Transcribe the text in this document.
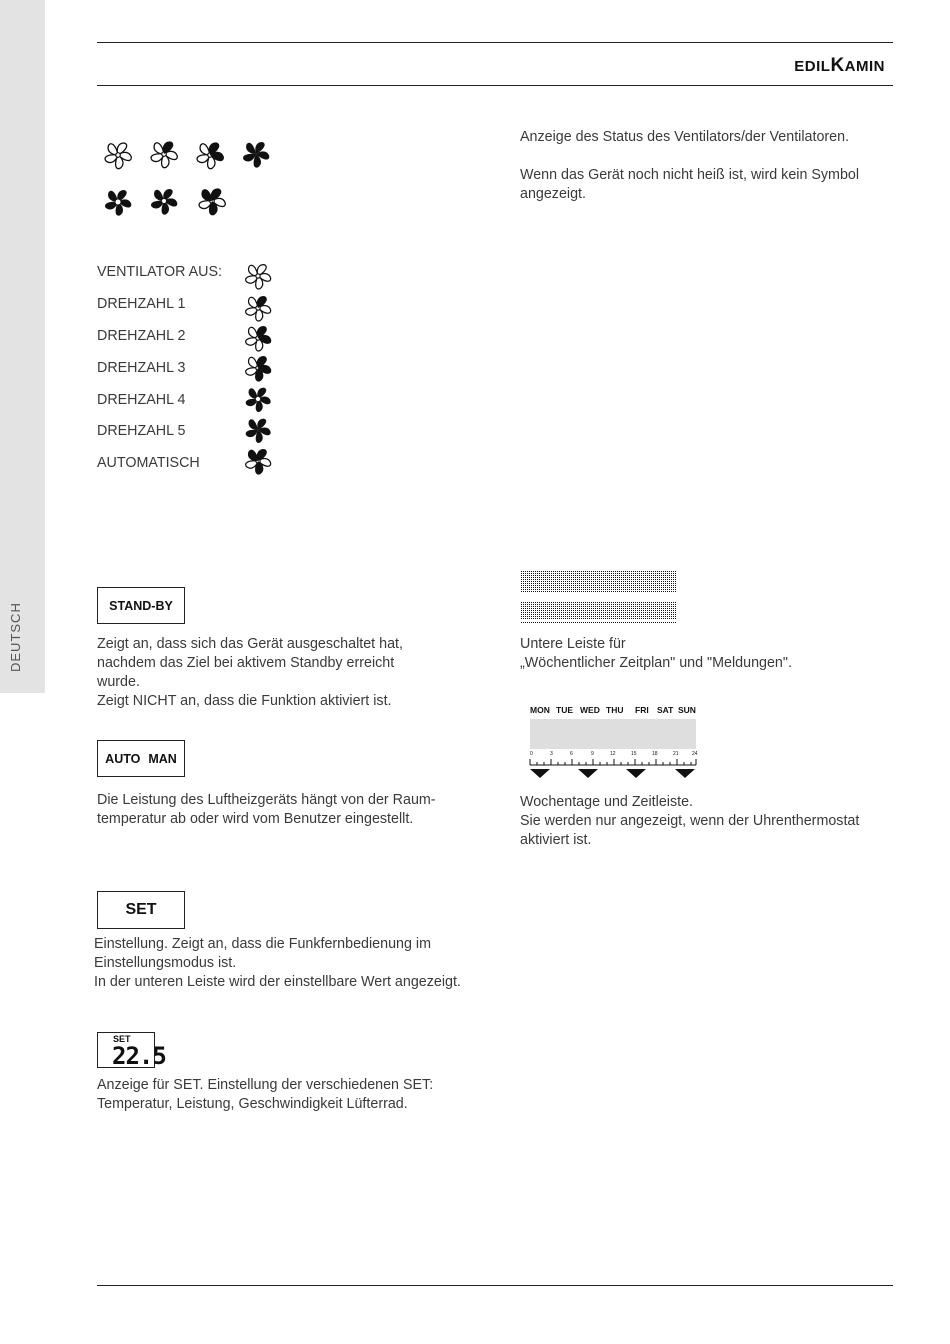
DEUTSCH
EDILKAMIN
Anzeige des Status des Ventilators/der Ventilatoren.
Wenn das Gerät noch nicht heiß ist, wird kein Symbol angezeigt.
VENTILATOR AUS:
DREHZAHL 1
DREHZAHL 2
DREHZAHL 3
DREHZAHL 4
DREHZAHL 5
AUTOMATISCH
STAND-BY
Zeigt an, dass sich das Gerät ausgeschaltet hat,
nachdem das Ziel bei aktivem Standby erreicht
wurde.
Zeigt NICHT an, dass die Funktion aktiviert ist.
AUTO MAN
Die Leistung des Luftheizgeräts hängt von der Raum-
temperatur ab oder wird vom Benutzer eingestellt.
SET
Einstellung. Zeigt an, dass die Funkfernbedienung im
Einstellungsmodus ist.
In der unteren Leiste wird der einstellbare Wert angezeigt.
SET
22.5
Anzeige für SET. Einstellung der verschiedenen SET:
Temperatur, Leistung, Geschwindigkeit Lüfterrad.
Untere Leiste für
„Wöchentlicher Zeitplan" und "Meldungen".
MON TUE WED THU FRI SAT SUN
0	3	6	9	12	15	18	21	24
Wochentage und Zeitleiste.
Sie werden nur angezeigt, wenn der Uhrenthermostat
aktiviert ist.
